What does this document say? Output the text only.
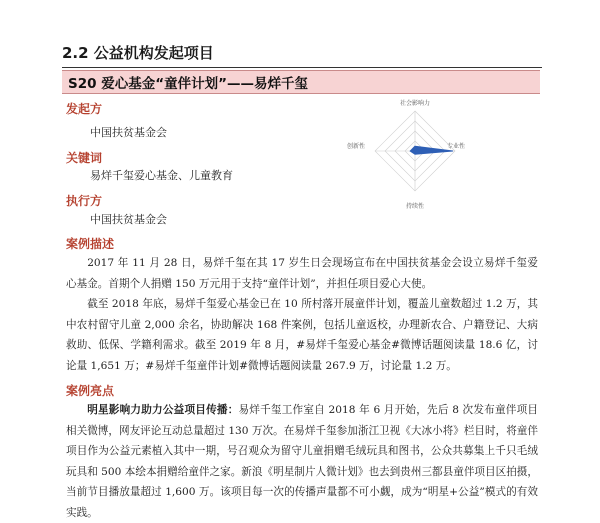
2.2 公益机构发起项目
S20 爱心基金“童伴计划”——易烊千玺
发起方
中国扶贫基金会
关键词
易烊千玺爱心基金、儿童教育
执行方
中国扶贫基金会
社会影响力
专业性
持续性
创新性
案例描述
2017 年 11 月 28 日，易烊千玺在其 17 岁生日会现场宣布在中国扶贫基金会设立易烊千玺爱心基金。首期个人捐赠 150 万元用于支持“童伴计划”，并担任项目爱心大使。
截至 2018 年底，易烊千玺爱心基金已在 10 所村落开展童伴计划，覆盖儿童数超过 1.2 万，其中农村留守儿童 2,000 余名，协助解决 168 件案例，包括儿童返校，办理新农合、户籍登记、大病救助、低保、学籍利需求。截至 2019 年 8 月，#易烊千玺爱心基金#微博话题阅读量 18.6 亿，讨论量 1,651 万；#易烊千玺童伴计划#微博话题阅读量 267.9 万，讨论量 1.2 万。
案例亮点
明星影响力助力公益项目传播：易烊千玺工作室自 2018 年 6 月开始，先后 8 次发布童伴项目相关微博，网友评论互动总量超过 130 万次。在易烊千玺参加浙江卫视《大冰小将》栏目时，将童伴项目作为公益元素植入其中一期，号召观众为留守儿童捐赠毛绒玩具和图书，公众共募集上千只毛绒玩具和 500 本绘本捐赠给童伴之家。新浪《明星制片人微计划》也去到贵州三都县童伴项目区拍摄，当前节目播放量超过 1,600 万。该项目每一次的传播声量都不可小觑，成为“明星+公益”模式的有效实践。
